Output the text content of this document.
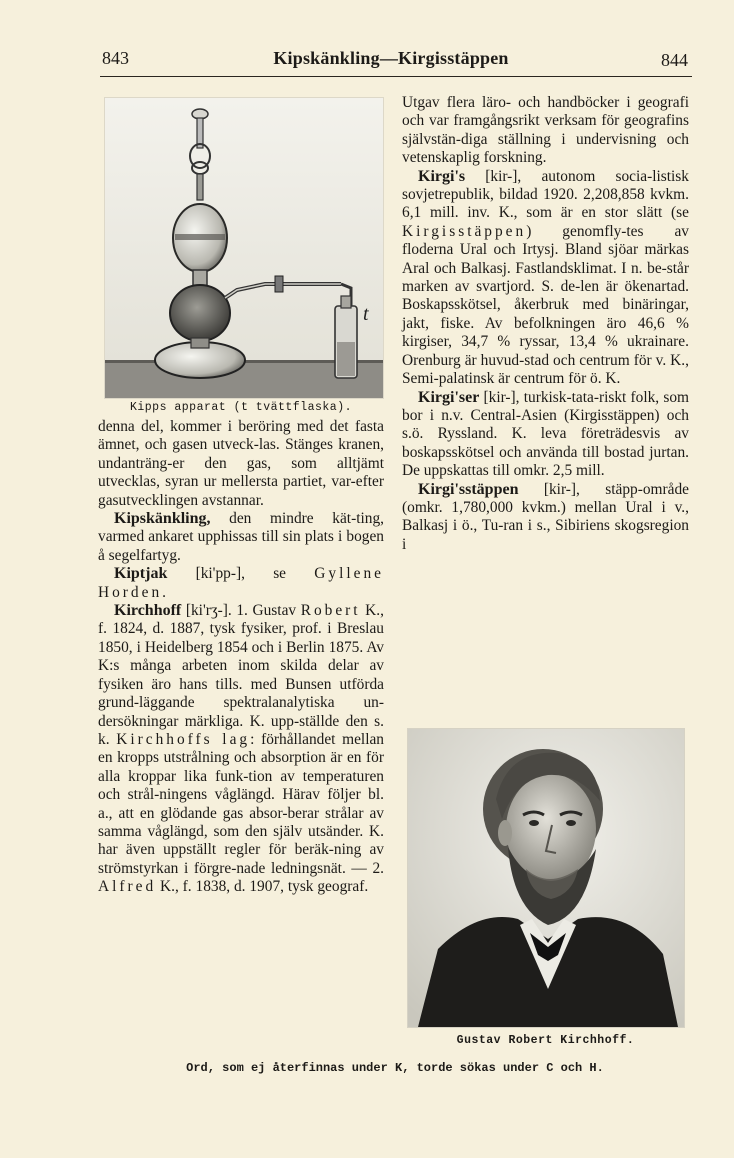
843	Kipskänkling—Kirgisstäppen	844
t
Kipps apparat (t tvättflaska).

denna del, kommer i beröring med det fasta ämnet, och gasen utveck-las. Stänges kranen, undanträng-er den gas, som alltjämt utvecklas, syran ur mellersta partiet, var-efter gasutvecklingen avstannar.

Kipskänkling, den mindre kät-ting, varmed ankaret upphissas till sin plats i bogen å segelfartyg.

Kiptjak [ki'pp-], se Gyllene Horden.

Kirchhoff [ki'rʒ-]. 1. Gustav Robert K., f. 1824, d. 1887, tysk fysiker, prof. i Breslau 1850, i Heidelberg 1854 och i Berlin 1875. Av K:s många arbeten inom skilda delar av fysiken äro hans tills. med Bunsen utförda grund-läggande spektralanalytiska un-dersökningar märkliga. K. upp-ställde den s. k. Kirchhoffs lag: förhållandet mellan en kropps utstrålning och absorption är en för alla kroppar lika funk-tion av temperaturen och strål-ningens våglängd. Härav följer bl. a., att en glödande gas absor-berar strålar av samma våglängd, som den själv utsänder. K. har även uppställt regler för beräk-ning av strömstyrkan i förgre-nade ledningsnät. — 2. Alfred K., f. 1838, d. 1907, tysk geograf.

Utgav flera läro- och handböcker i geografi och var framgångsrikt verksam för geografins självstän-diga ställning i undervisning och vetenskaplig forskning.

Kirgi's [kir-], autonom socia-listisk sovjetrepublik, bildad 1920. 2,208,858 kvkm. 6,1 mill. inv. K., som är en stor slätt (se Kirgisstäppen) genomfly-tes av floderna Ural och Irtysj. Bland sjöar märkas Aral och Balkasj. Fastlandsklimat. I n. be-står marken av svartjord. S. de-len är ökenartad. Boskapsskötsel, åkerbruk med binäringar, jakt, fiske. Av befolkningen äro 46,6 % kirgiser, 34,7 % ryssar, 13,4 % ukrainare. Orenburg är huvud-stad och centrum för v. K., Semi-palatinsk är centrum för ö. K.

Kirgi'ser [kir-], turkisk-tata-riskt folk, som bor i n.v. Central-Asien (Kirgisstäppen) och s.ö. Ryssland. K. leva företrädesvis av boskapsskötsel och använda till bostad jurtan. De uppskattas till omkr. 2,5 mill.

Kirgi'sstäppen [kir-], stäpp-område (omkr. 1,780,000 kvkm.) mellan Ural i v., Balkasj i ö., Tu-ran i s., Sibiriens skogsregion i

Gustav Robert Kirchhoff.
Ord, som ej återfinnas under K, torde sökas under C och H.
